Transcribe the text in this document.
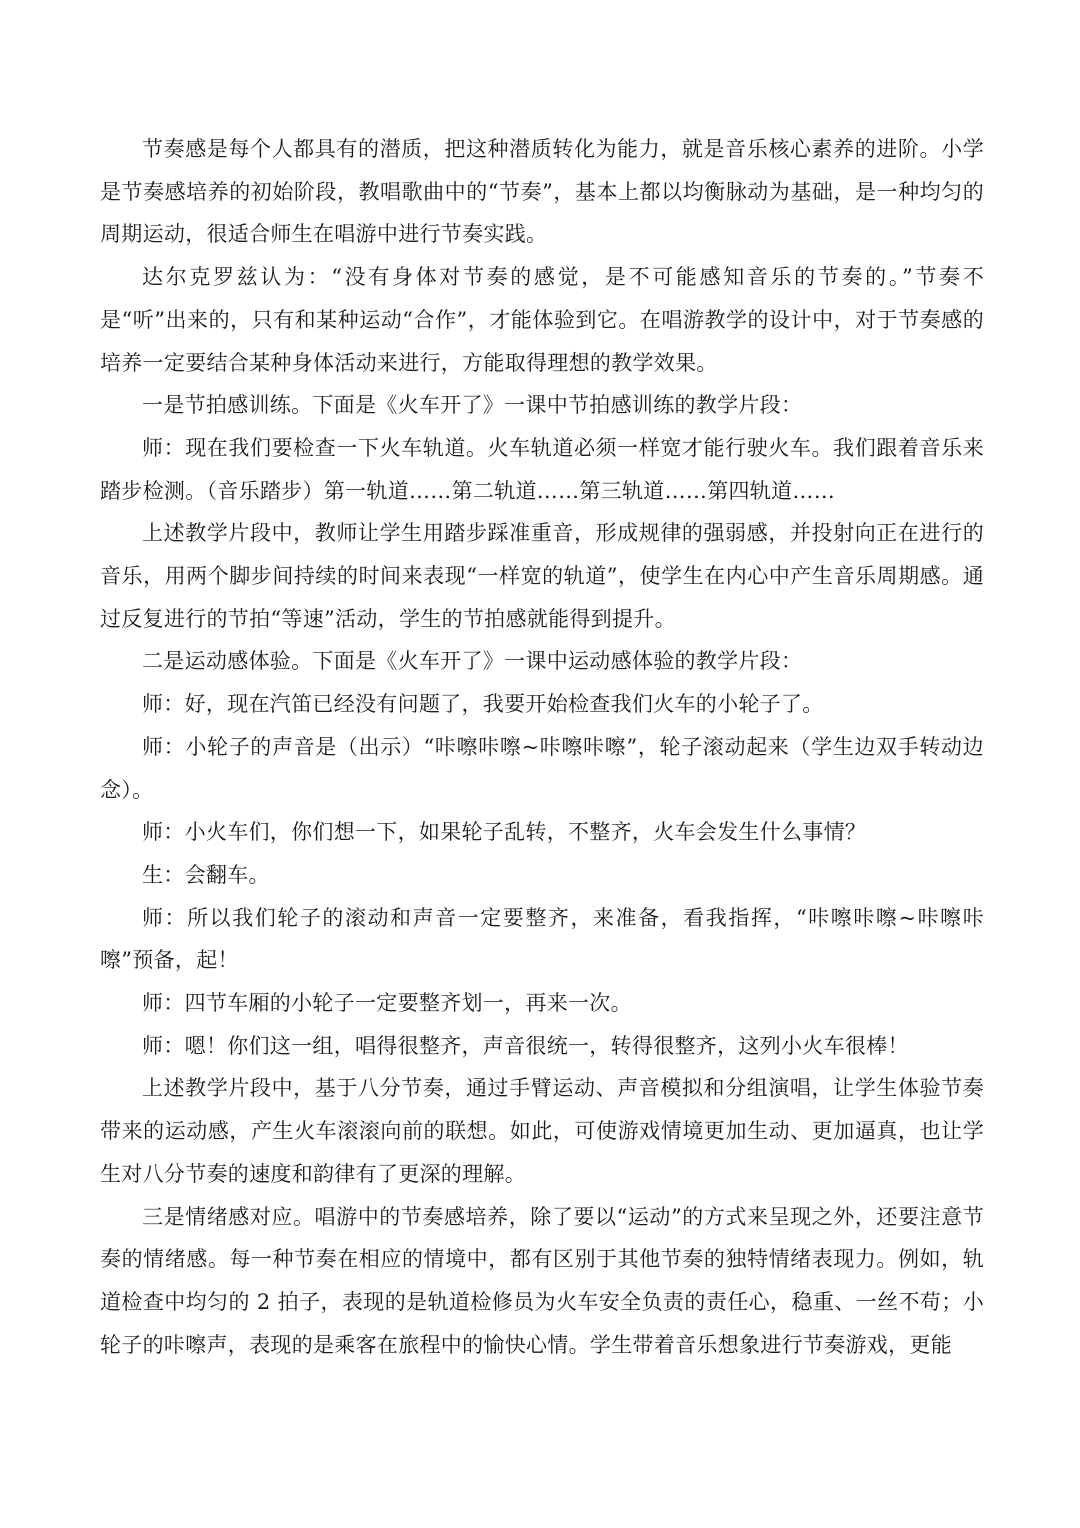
节奏感是每个人都具有的潜质，把这种潜质转化为能力，就是音乐核心素养的进阶。小学是节奏感培养的初始阶段，教唱歌曲中的“节奏”，基本上都以均衡脉动为基础，是一种均匀的周期运动，很适合师生在唱游中进行节奏实践。

达尔克罗兹认为：“没有身体对节奏的感觉，是不可能感知音乐的节奏的。”节奏不是“听”出来的，只有和某种运动“合作”，才能体验到它。在唱游教学的设计中，对于节奏感的培养一定要结合某种身体活动来进行，方能取得理想的教学效果。

一是节拍感训练。下面是《火车开了》一课中节拍感训练的教学片段：

师：现在我们要检查一下火车轨道。火车轨道必须一样宽才能行驶火车。我们跟着音乐来踏步检测。（音乐踏步）第一轨道……第二轨道……第三轨道……第四轨道……

上述教学片段中，教师让学生用踏步踩准重音，形成规律的强弱感，并投射向正在进行的音乐，用两个脚步间持续的时间来表现“一样宽的轨道”，使学生在内心中产生音乐周期感。通过反复进行的节拍“等速”活动，学生的节拍感就能得到提升。

二是运动感体验。下面是《火车开了》一课中运动感体验的教学片段：

师：好，现在汽笛已经没有问题了，我要开始检查我们火车的小轮子了。

师：小轮子的声音是（出示）“咔嚓咔嚓~咔嚓咔嚓”，轮子滚动起来（学生边双手转动边念）。

师：小火车们，你们想一下，如果轮子乱转，不整齐，火车会发生什么事情？

生：会翻车。

师：所以我们轮子的滚动和声音一定要整齐，来准备，看我指挥，“咔嚓咔嚓~咔嚓咔嚓”预备，起！

师：四节车厢的小轮子一定要整齐划一，再来一次。

师：嗯！你们这一组，唱得很整齐，声音很统一，转得很整齐，这列小火车很棒！

上述教学片段中，基于八分节奏，通过手臂运动、声音模拟和分组演唱，让学生体验节奏带来的运动感，产生火车滚滚向前的联想。如此，可使游戏情境更加生动、更加逼真，也让学生对八分节奏的速度和韵律有了更深的理解。

三是情绪感对应。唱游中的节奏感培养，除了要以“运动”的方式来呈现之外，还要注意节奏的情绪感。每一种节奏在相应的情境中，都有区别于其他节奏的独特情绪表现力。例如，轨道检查中均匀的 2 拍子，表现的是轨道检修员为火车安全负责的责任心，稳重、一丝不苟；小轮子的咔嚓声，表现的是乘客在旅程中的愉快心情。学生带着音乐想象进行节奏游戏，更能
